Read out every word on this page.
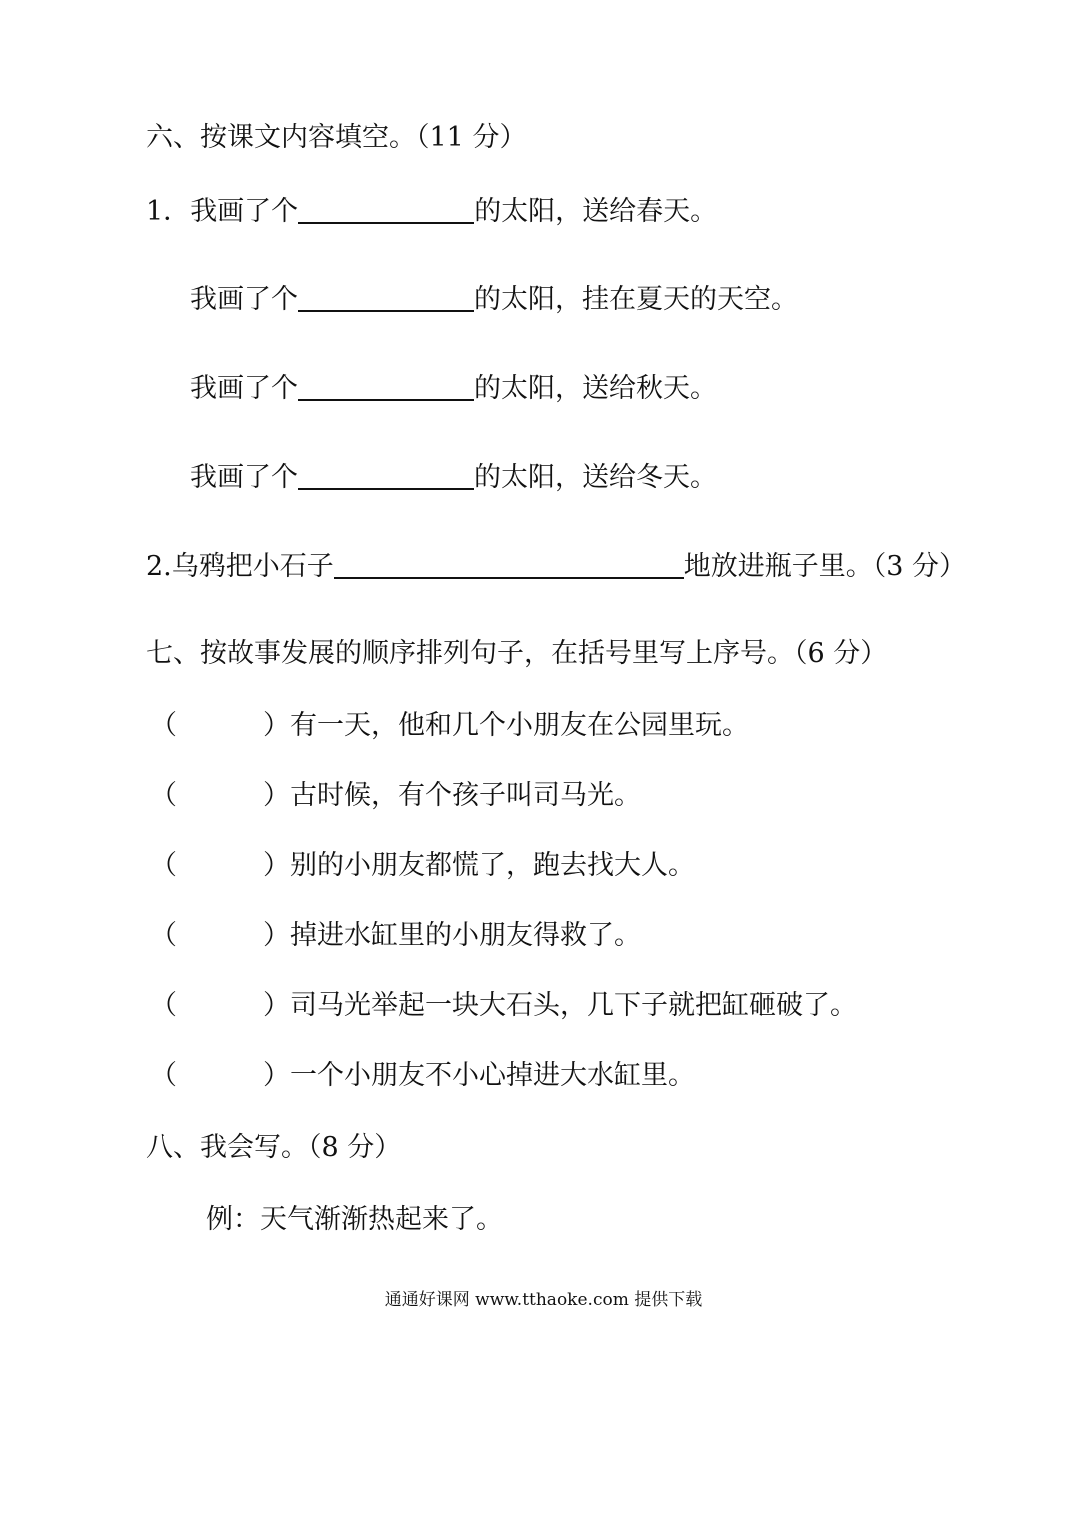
六、按课文内容填空。（11 分）
1．我画了个	的太阳，送给春天。
我画了个	的太阳，挂在夏天的天空。
我画了个	的太阳，送给秋天。
我画了个	的太阳，送给冬天。
2.乌鸦把小石子	地放进瓶子里。（3 分）
七、按故事发展的顺序排列句子，在括号里写上序号。（6 分）
（	）有一天，他和几个小朋友在公园里玩。
（	）古时候，有个孩子叫司马光。
（	）别的小朋友都慌了，跑去找大人。
（	）掉进水缸里的小朋友得救了。
（	）司马光举起一块大石头，几下子就把缸砸破了。
（	）一个小朋友不小心掉进大水缸里。
八、我会写。（8 分）
例：天气渐渐热起来了。
通通好课网 www.tthaoke.com 提供下载
